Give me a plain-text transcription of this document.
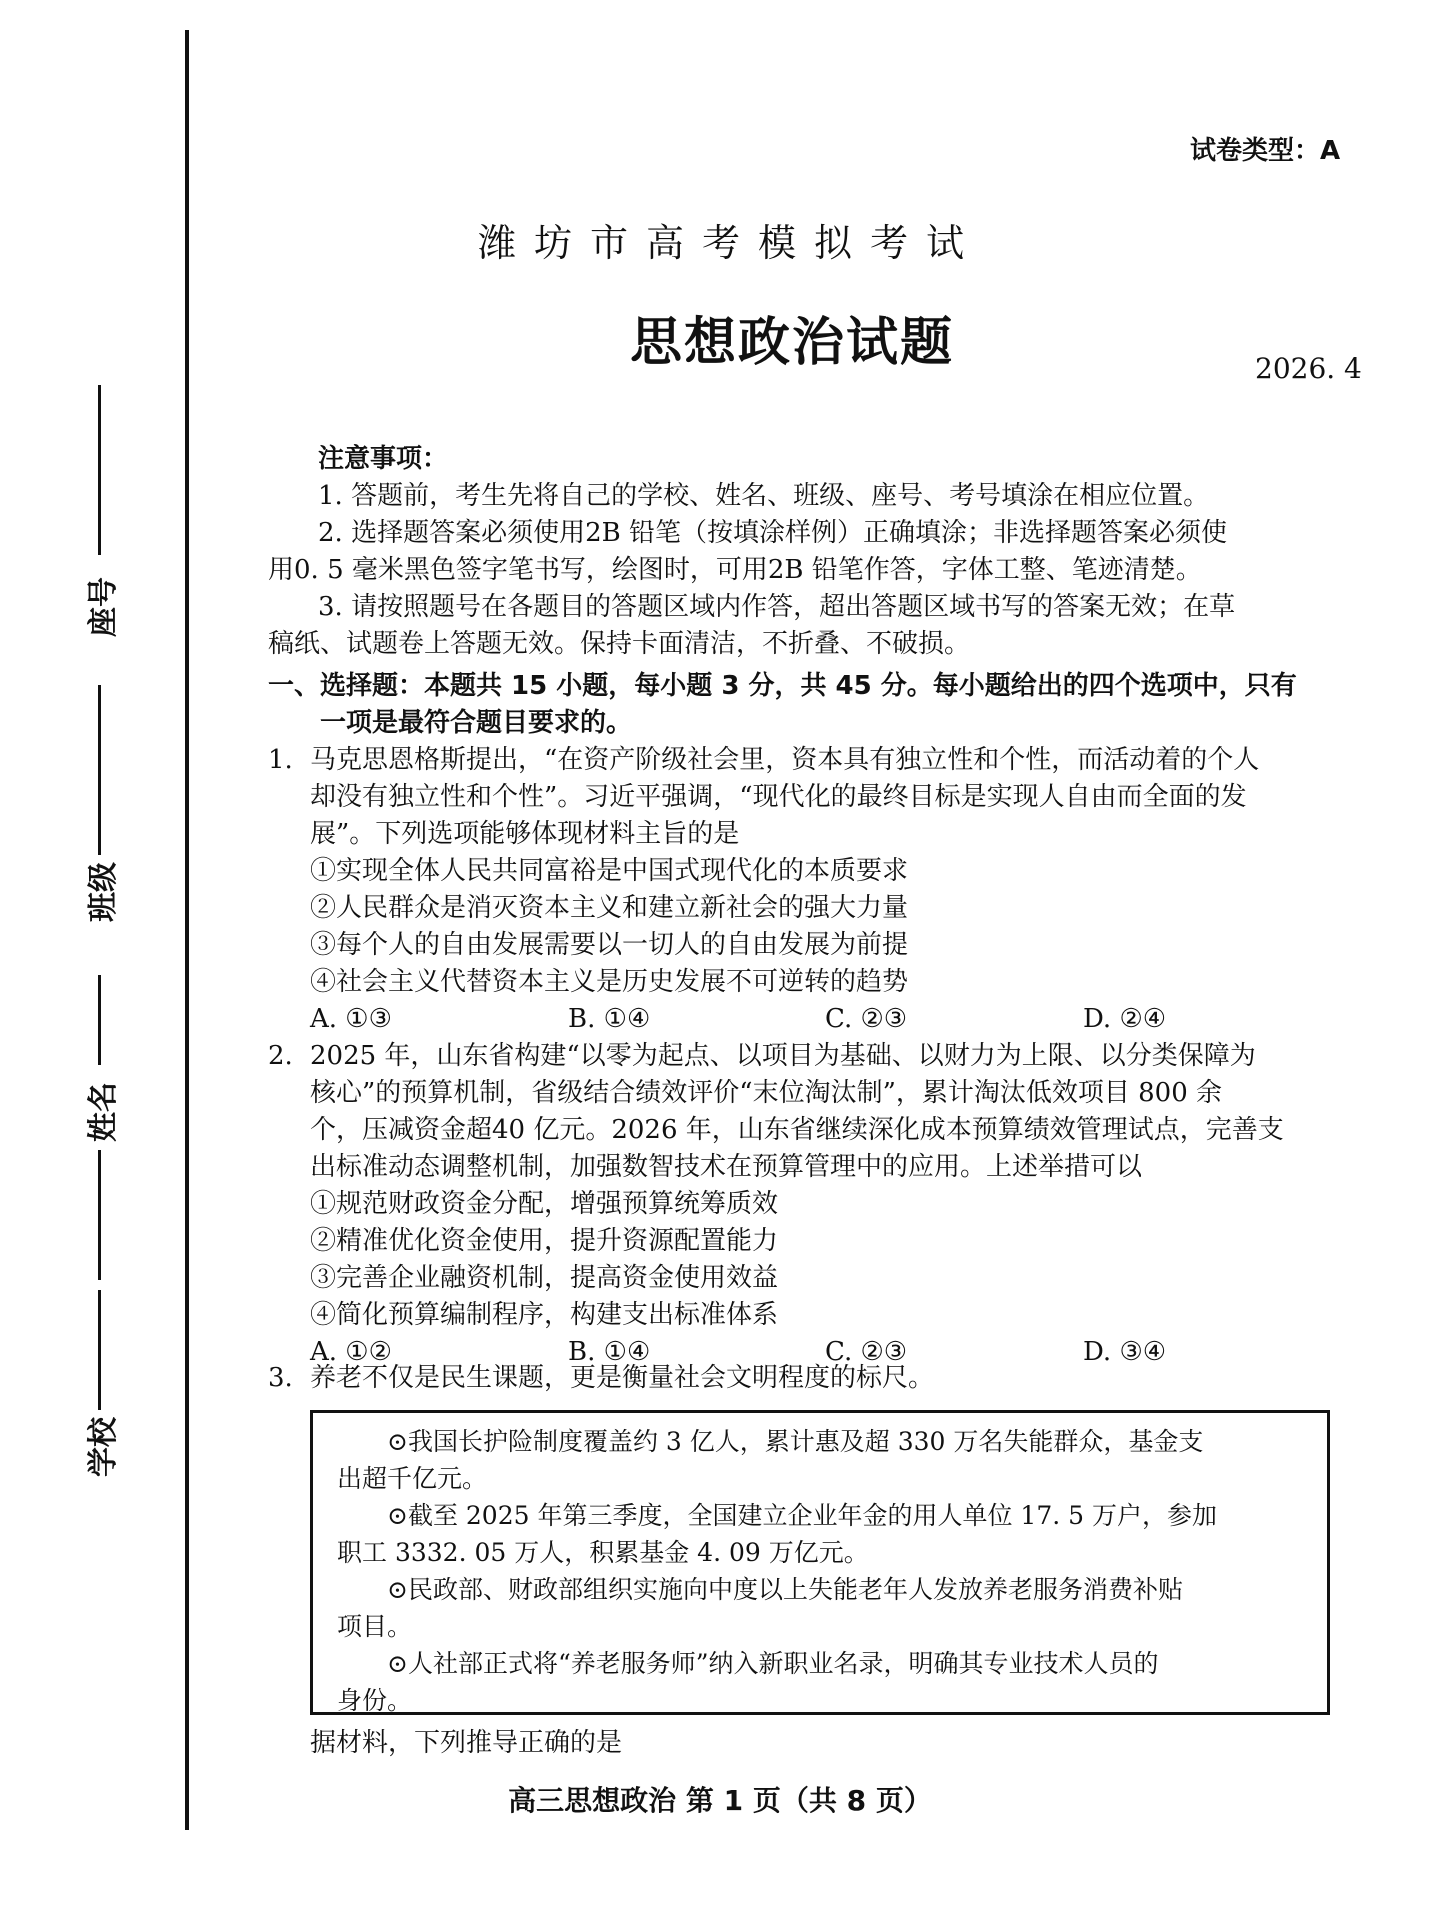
座号
班级
姓名
学校
试卷类型：A
潍坊市高考模拟考试
思想政治试题	2026. 4
注意事项：
1. 答题前，考生先将自己的学校、姓名、班级、座号、考号填涂在相应位置。
2. 选择题答案必须使用2B 铅笔（按填涂样例）正确填涂；非选择题答案必须使
用0. 5 毫米黑色签字笔书写，绘图时，可用2B 铅笔作答，字体工整、笔迹清楚。
3. 请按照题号在各题目的答题区域内作答，超出答题区域书写的答案无效；在草
稿纸、试题卷上答题无效。保持卡面清洁，不折叠、不破损。
一、选择题：本题共 15 小题，每小题 3 分，共 45 分。每小题给出的四个选项中，只有
一项是最符合题目要求的。
1. 马克思恩格斯提出，“在资产阶级社会里，资本具有独立性和个性，而活动着的个人
却没有独立性和个性”。习近平强调，“现代化的最终目标是实现人自由而全面的发
展”。下列选项能够体现材料主旨的是
①实现全体人民共同富裕是中国式现代化的本质要求
②人民群众是消灭资本主义和建立新社会的强大力量
③每个人的自由发展需要以一切人的自由发展为前提
④社会主义代替资本主义是历史发展不可逆转的趋势
A. ①③	B. ①④	C. ②③	D. ②④
2. 2025 年，山东省构建“以零为起点、以项目为基础、以财力为上限、以分类保障为
核心”的预算机制，省级结合绩效评价“末位淘汰制”，累计淘汰低效项目 800 余
个，压减资金超40 亿元。2026 年，山东省继续深化成本预算绩效管理试点，完善支
出标准动态调整机制，加强数智技术在预算管理中的应用。上述举措可以
①规范财政资金分配，增强预算统筹质效
②精准优化资金使用，提升资源配置能力
③完善企业融资机制，提高资金使用效益
④简化预算编制程序，构建支出标准体系
A. ①②	B. ①④	C. ②③	D. ③④
3. 养老不仅是民生课题，更是衡量社会文明程度的标尺。
⊙我国长护险制度覆盖约 3 亿人，累计惠及超 330 万名失能群众，基金支
出超千亿元。
⊙截至 2025 年第三季度，全国建立企业年金的用人单位 17. 5 万户，参加
职工 3332. 05 万人，积累基金 4. 09 万亿元。
⊙民政部、财政部组织实施向中度以上失能老年人发放养老服务消费补贴
项目。
⊙人社部正式将“养老服务师”纳入新职业名录，明确其专业技术人员的
身份。
据材料，下列推导正确的是
高三思想政治 第 1 页（共 8 页）
